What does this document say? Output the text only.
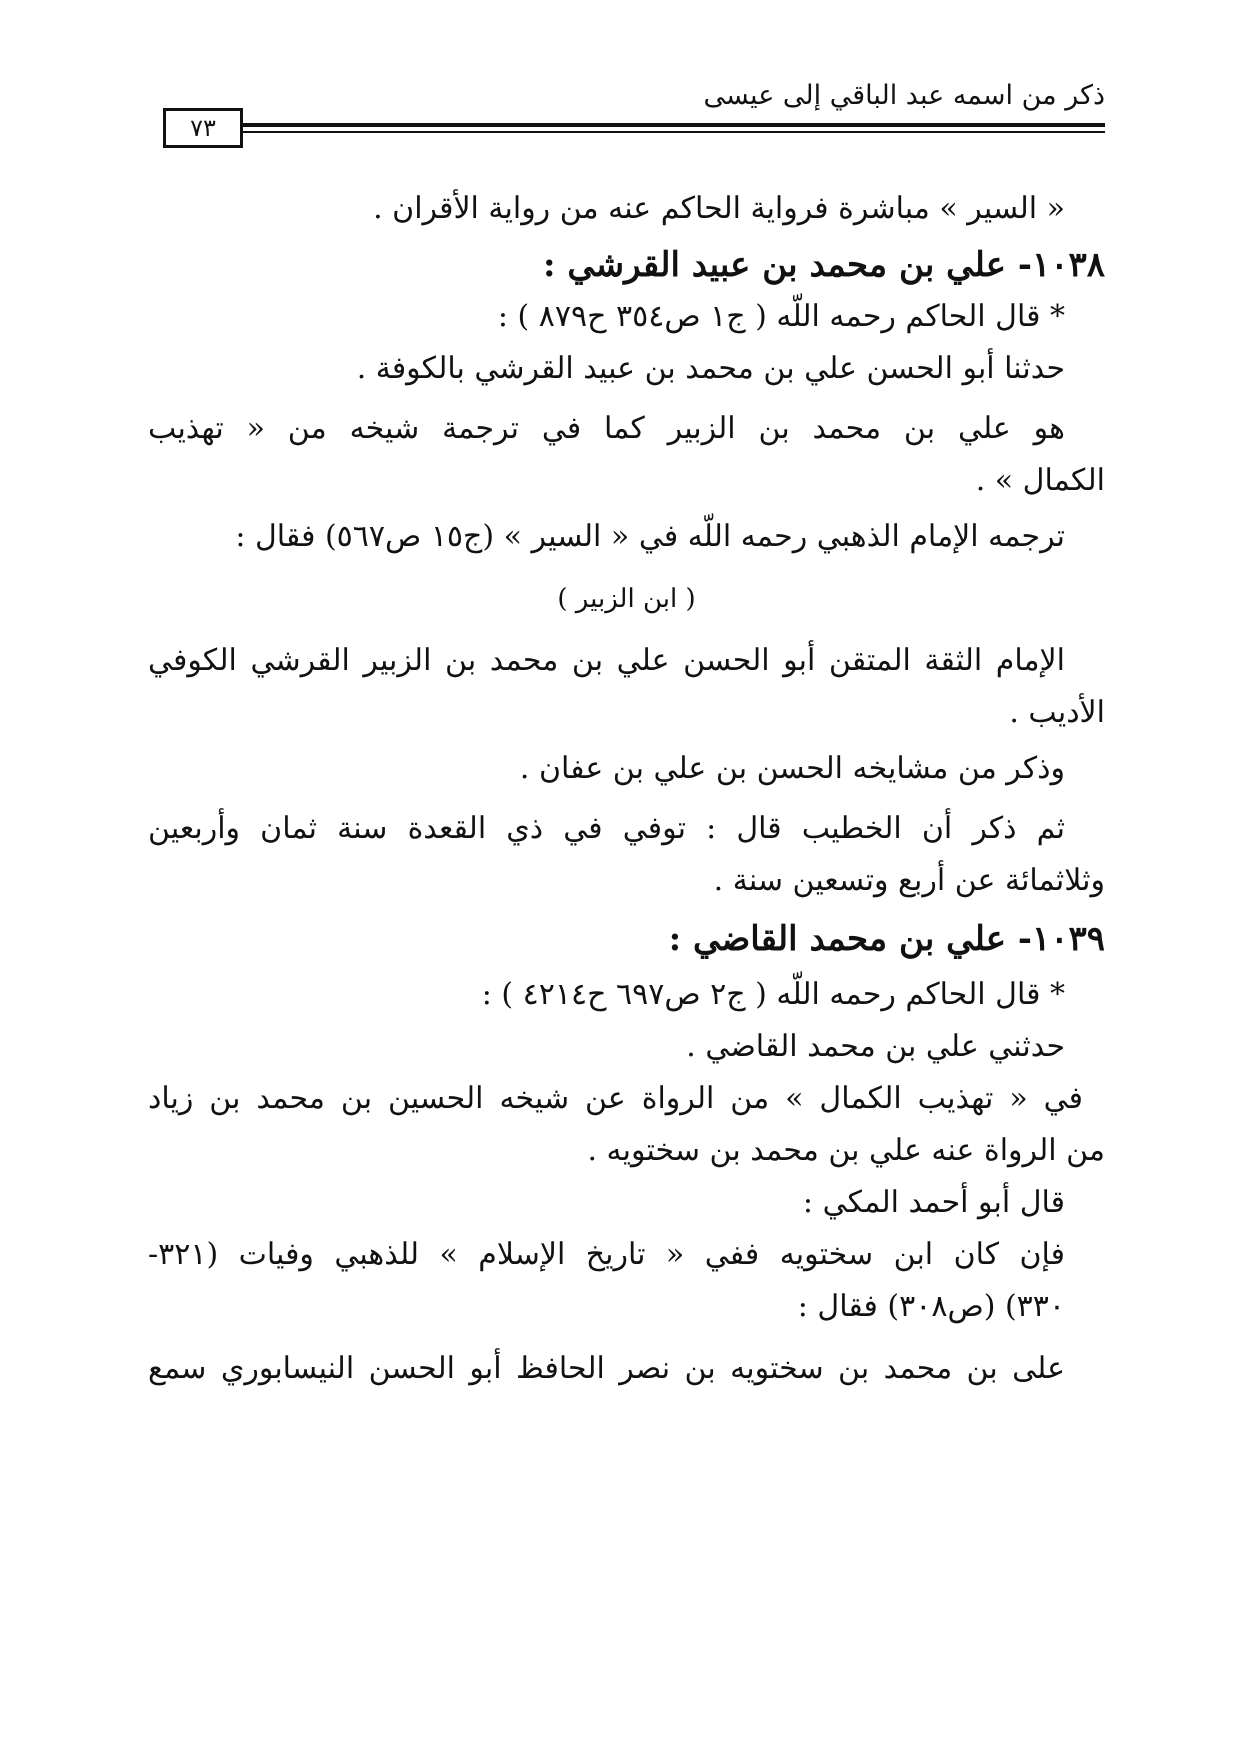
ذكر من اسمه عبد الباقي إلى عيسى
٧٣
« السير » مباشرة فرواية الحاكم عنه من رواية الأقران .
١٠٣٨- علي بن محمد بن عبيد القرشي :
* قال الحاكم رحمه اللّه ( ج١ ص٣٥٤ ح٨٧٩ ) :
حدثنا أبو الحسن علي بن محمد بن عبيد القرشي بالكوفة .
هو علي بن محمد بن الزبير كما في ترجمة شيخه من « تهذيب
الكمال » .
ترجمه الإمام الذهبي رحمه اللّه في « السير » (ج١٥ ص٥٦٧) فقال :
( ابن الزبير )
الإمام الثقة المتقن أبو الحسن علي بن محمد بن الزبير القرشي الكوفي
الأديب .
وذكر من مشايخه الحسن بن علي بن عفان .
ثم ذكر أن الخطيب قال : توفي في ذي القعدة سنة ثمان وأربعين
وثلاثمائة عن أربع وتسعين سنة .
١٠٣٩- علي بن محمد القاضي :
* قال الحاكم رحمه اللّه ( ج٢ ص٦٩٧ ح٤٢١٤ ) :
حدثني علي بن محمد القاضي .
في « تهذيب الكمال » من الرواة عن شيخه الحسين بن محمد بن زياد
من الرواة عنه علي بن محمد بن سختويه .
قال أبو أحمد المكي :
فإن كان ابن سختويه ففي « تاريخ الإسلام » للذهبي وفيات (٣٢١-
٣٣٠) (ص٣٠٨) فقال :
على بن محمد بن سختويه بن نصر الحافظ أبو الحسن النيسابوري سمع
